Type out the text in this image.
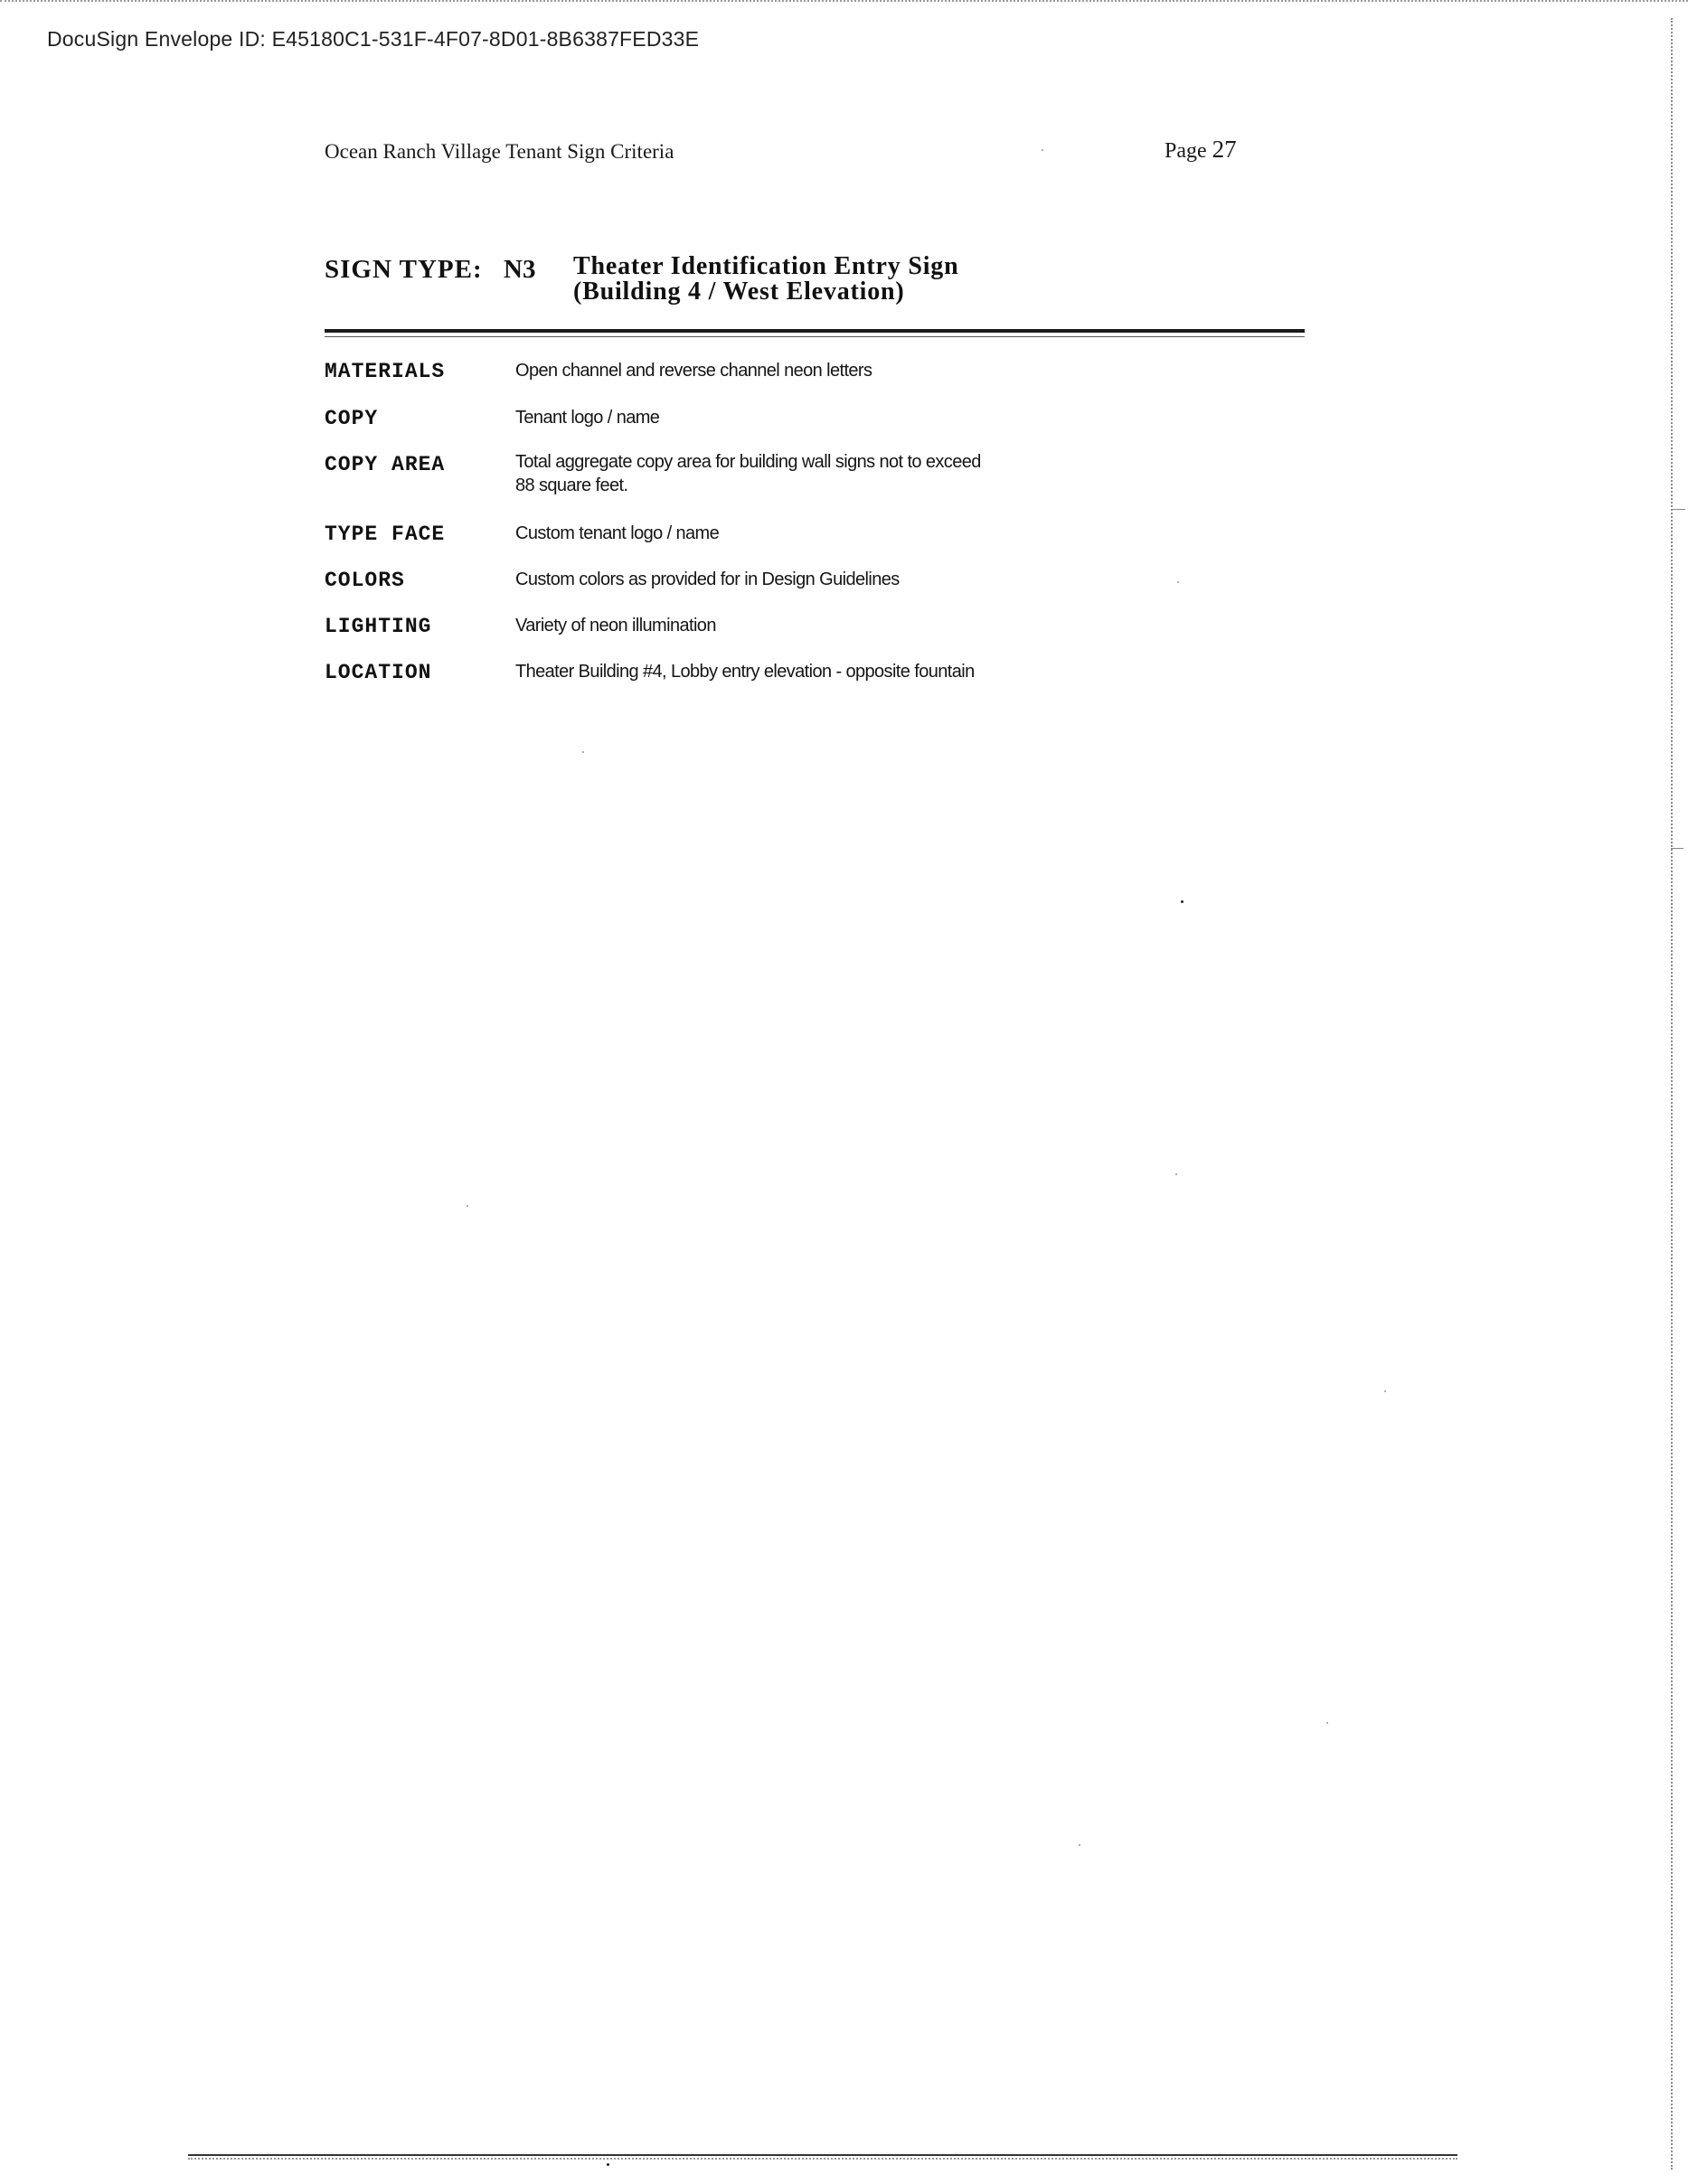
DocuSign Envelope ID: E45180C1-531F-4F07-8D01-8B6387FED33E
Ocean Ranch Village Tenant Sign Criteria	Page 27
SIGN TYPE: N3 Theater Identification Entry Sign
(Building 4 / West Elevation)
MATERIALS	Open channel and reverse channel neon letters
COPY	Tenant logo / name
COPY AREA	Total aggregate copy area for building wall signs not to exceed
88 square feet.
TYPE FACE	Custom tenant logo / name
COLORS	Custom colors as provided for in Design Guidelines
LIGHTING	Variety of neon illumination
LOCATION	Theater Building #4, Lobby entry elevation - opposite fountain
